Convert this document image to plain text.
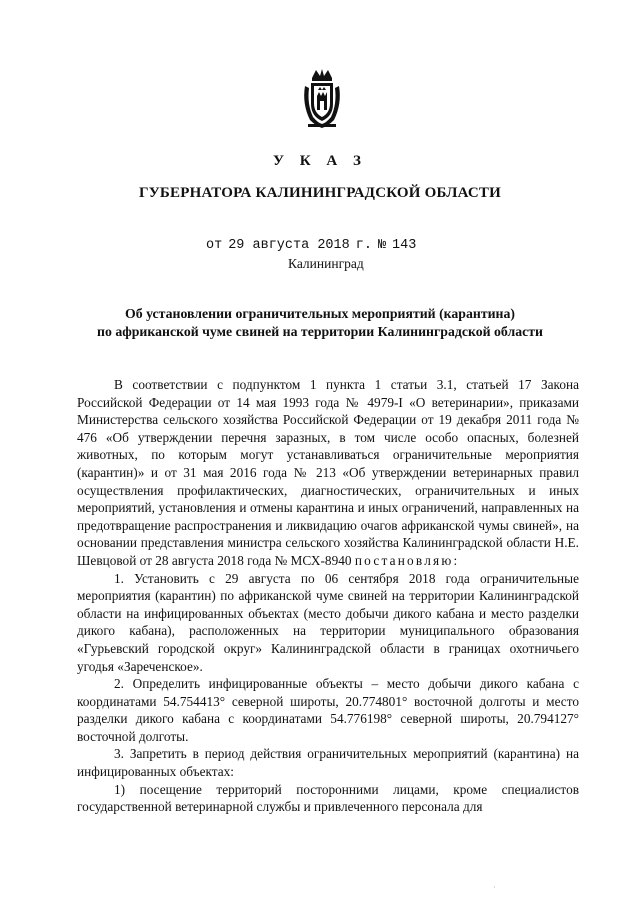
У К А З
ГУБЕРНАТОРА КАЛИНИНГРАДСКОЙ ОБЛАСТИ
от 29 августа 2018 г. № 143
Калининград
Об установлении ограничительных мероприятий (карантина)
по африканской чуме свиней на территории Калининградской области

В соответствии с подпунктом 1 пункта 1 статьи 3.1, статьей 17 Закона Российской Федерации от 14 мая 1993 года № 4979-I «О ветеринарии», приказами Министерства сельского хозяйства Российской Федерации от 19 декабря 2011 года № 476 «Об утверждении перечня заразных, в том числе особо опасных, болезней животных, по которым могут устанавливаться ограничительные мероприятия (карантин)» и от 31 мая 2016 года № 213 «Об утверждении ветеринарных правил осуществления профилактических, диагностических, ограничительных и иных мероприятий, установления и отмены карантина и иных ограничений, направленных на предотвращение распространения и ликвидацию очагов африканской чумы свиней», на основании представления министра сельского хозяйства Калининградской области Н.Е. Шевцовой от 28 августа 2018 года № МСХ-8940 постановляю:

1. Установить с 29 августа по 06 сентября 2018 года ограничительные мероприятия (карантин) по африканской чуме свиней на территории Калининградской области на инфицированных объектах (место добычи дикого кабана и место разделки дикого кабана), расположенных на территории муниципального образования «Гурьевский городской округ» Калининградской области в границах охотничьего угодья «Зареченское».

2. Определить инфицированные объекты – место добычи дикого кабана с координатами 54.754413° северной широты, 20.774801° восточной долготы и место разделки дикого кабана с координатами 54.776198° северной широты, 20.794127° восточной долготы.

3. Запретить в период действия ограничительных мероприятий (карантина) на инфицированных объектах:

1) посещение территорий посторонними лицами, кроме специалистов государственной ветеринарной службы и привлеченного персонала для

·
